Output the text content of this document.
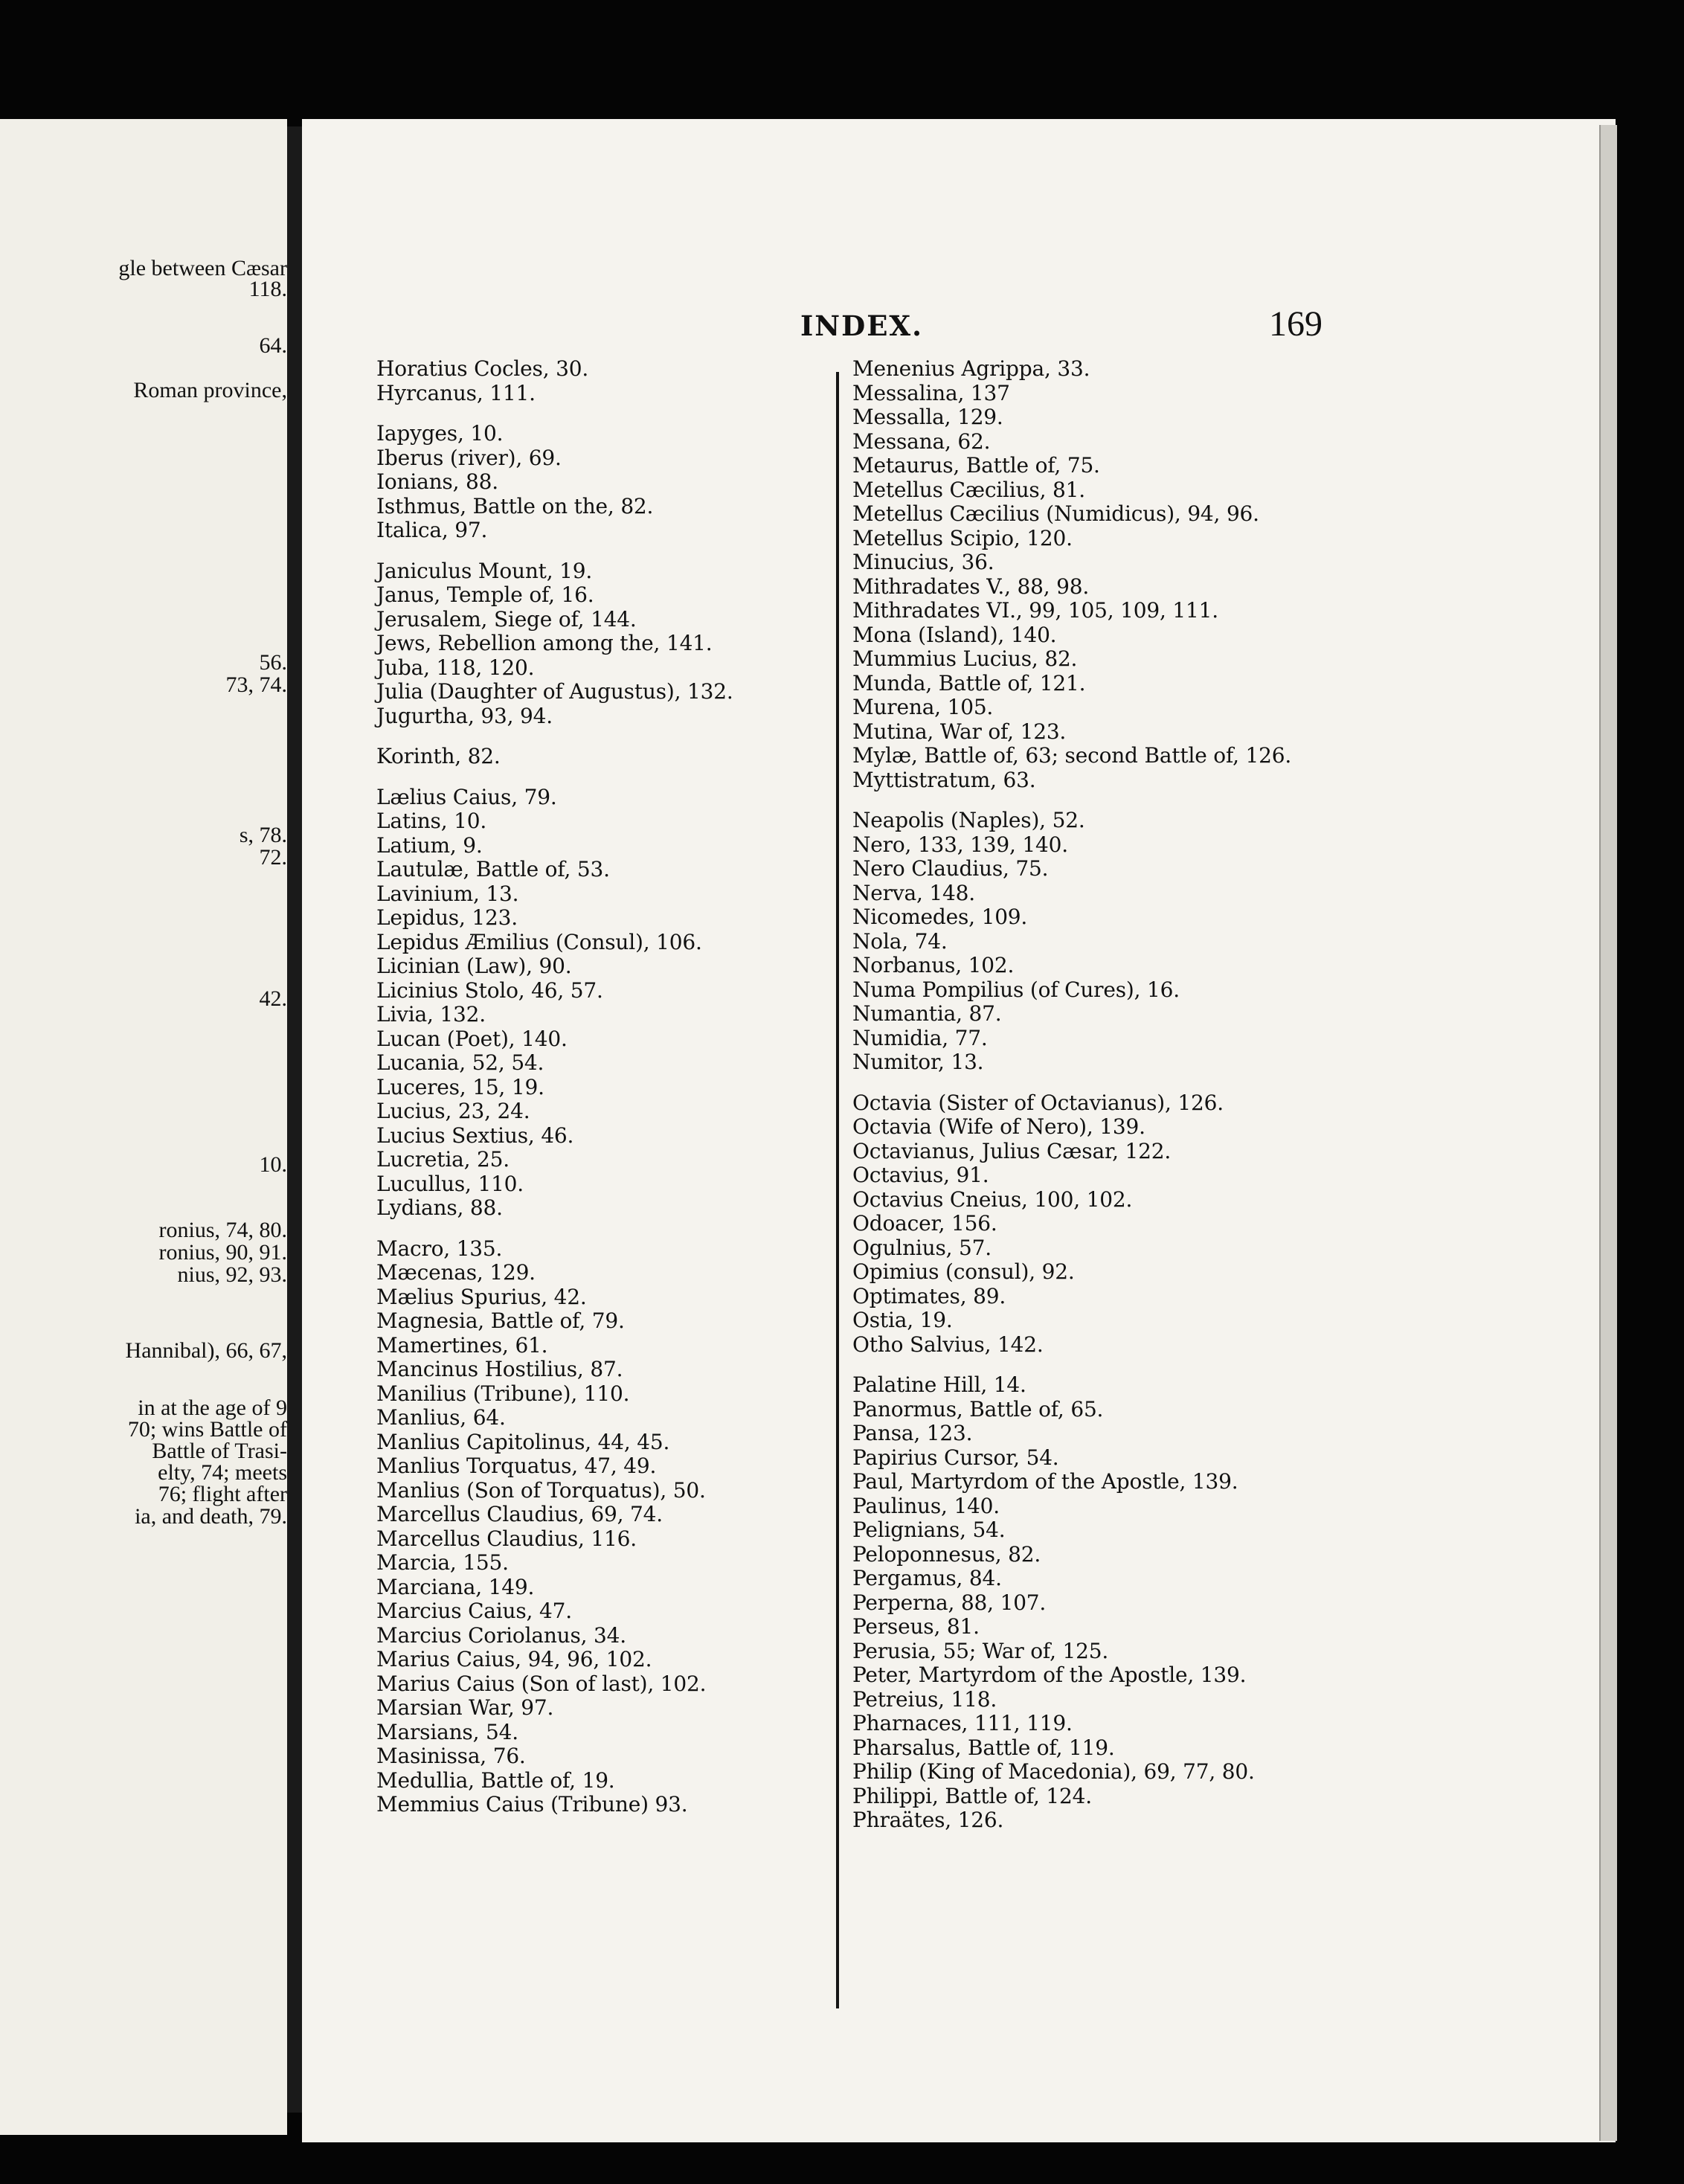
gle between Cæsar
118.
64.
Roman province,
56.
73, 74.
s, 78.
72.
42.
10.
ronius, 74, 80.
ronius, 90, 91.
nius, 92, 93.
Hannibal), 66, 67,
in at the age of 9
70; wins Battle of
Battle of Trasi-
elty, 74; meets
76; flight after
ia, and death, 79.
INDEX.	169
Horatius Cocles, 30.
Hyrcanus, 111.
Iapyges, 10.
Iberus (river), 69.
Ionians, 88.
Isthmus, Battle on the, 82.
Italica, 97.
Janiculus Mount, 19.
Janus, Temple of, 16.
Jerusalem, Siege of, 144.
Jews, Rebellion among the, 141.
Juba, 118, 120.
Julia (Daughter of Augustus), 132.
Jugurtha, 93, 94.
Korinth, 82.
Lælius Caius, 79.
Latins, 10.
Latium, 9.
Lautulæ, Battle of, 53.
Lavinium, 13.
Lepidus, 123.
Lepidus Æmilius (Consul), 106.
Licinian (Law), 90.
Licinius Stolo, 46, 57.
Livia, 132.
Lucan (Poet), 140.
Lucania, 52, 54.
Luceres, 15, 19.
Lucius, 23, 24.
Lucius Sextius, 46.
Lucretia, 25.
Lucullus, 110.
Lydians, 88.
Macro, 135.
Mæcenas, 129.
Mælius Spurius, 42.
Magnesia, Battle of, 79.
Mamertines, 61.
Mancinus Hostilius, 87.
Manilius (Tribune), 110.
Manlius, 64.
Manlius Capitolinus, 44, 45.
Manlius Torquatus, 47, 49.
Manlius (Son of Torquatus), 50.
Marcellus Claudius, 69, 74.
Marcellus Claudius, 116.
Marcia, 155.
Marciana, 149.
Marcius Caius, 47.
Marcius Coriolanus, 34.
Marius Caius, 94, 96, 102.
Marius Caius (Son of last), 102.
Marsian War, 97.
Marsians, 54.
Masinissa, 76.
Medullia, Battle of, 19.
Memmius Caius (Tribune) 93.
Menenius Agrippa, 33.
Messalina, 137
Messalla, 129.
Messana, 62.
Metaurus, Battle of, 75.
Metellus Cæcilius, 81.
Metellus Cæcilius (Numidicus), 94, 96.
Metellus Scipio, 120.
Minucius, 36.
Mithradates V., 88, 98.
Mithradates VI., 99, 105, 109, 111.
Mona (Island), 140.
Mummius Lucius, 82.
Munda, Battle of, 121.
Murena, 105.
Mutina, War of, 123.
Mylæ, Battle of, 63; second Battle of, 126.
Myttistratum, 63.
Neapolis (Naples), 52.
Nero, 133, 139, 140.
Nero Claudius, 75.
Nerva, 148.
Nicomedes, 109.
Nola, 74.
Norbanus, 102.
Numa Pompilius (of Cures), 16.
Numantia, 87.
Numidia, 77.
Numitor, 13.
Octavia (Sister of Octavianus), 126.
Octavia (Wife of Nero), 139.
Octavianus, Julius Cæsar, 122.
Octavius, 91.
Octavius Cneius, 100, 102.
Odoacer, 156.
Ogulnius, 57.
Opimius (consul), 92.
Optimates, 89.
Ostia, 19.
Otho Salvius, 142.
Palatine Hill, 14.
Panormus, Battle of, 65.
Pansa, 123.
Papirius Cursor, 54.
Paul, Martyrdom of the Apostle, 139.
Paulinus, 140.
Pelignians, 54.
Peloponnesus, 82.
Pergamus, 84.
Perperna, 88, 107.
Perseus, 81.
Perusia, 55; War of, 125.
Peter, Martyrdom of the Apostle, 139.
Petreius, 118.
Pharnaces, 111, 119.
Pharsalus, Battle of, 119.
Philip (King of Macedonia), 69, 77, 80.
Philippi, Battle of, 124.
Phraätes, 126.
